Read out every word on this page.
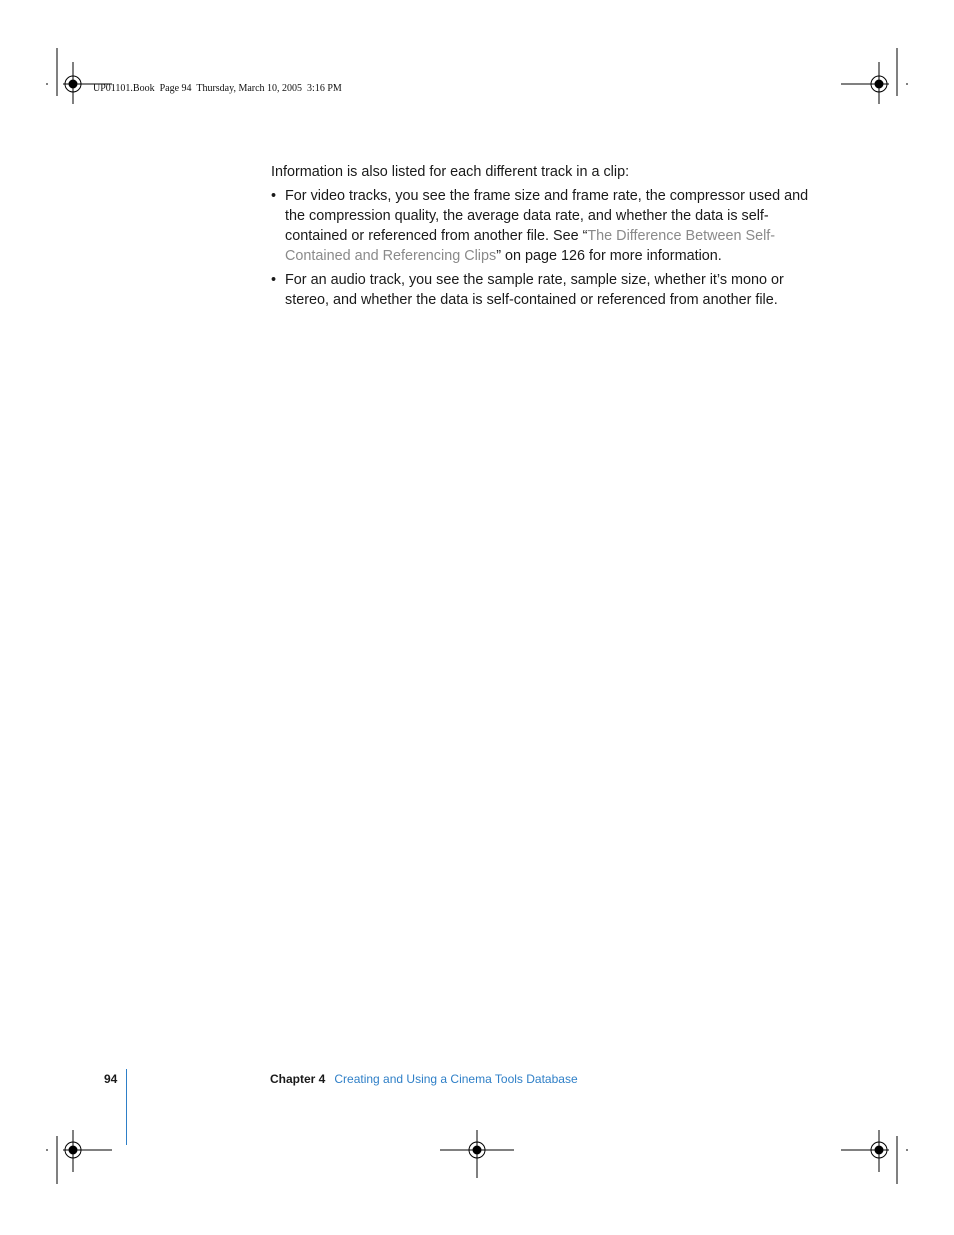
UP01101.Book  Page 94  Thursday, March 10, 2005  3:16 PM

Information is also listed for each different track in a clip:

• For video tracks, you see the frame size and frame rate, the compressor used and the compression quality, the average data rate, and whether the data is self-contained or referenced from another file. See “The Difference Between Self-Contained and Referencing Clips” on page 126 for more information.
• For an audio track, you see the sample rate, sample size, whether it’s mono or stereo, and whether the data is self-contained or referenced from another file.
94	Chapter 4 Creating and Using a Cinema Tools Database
